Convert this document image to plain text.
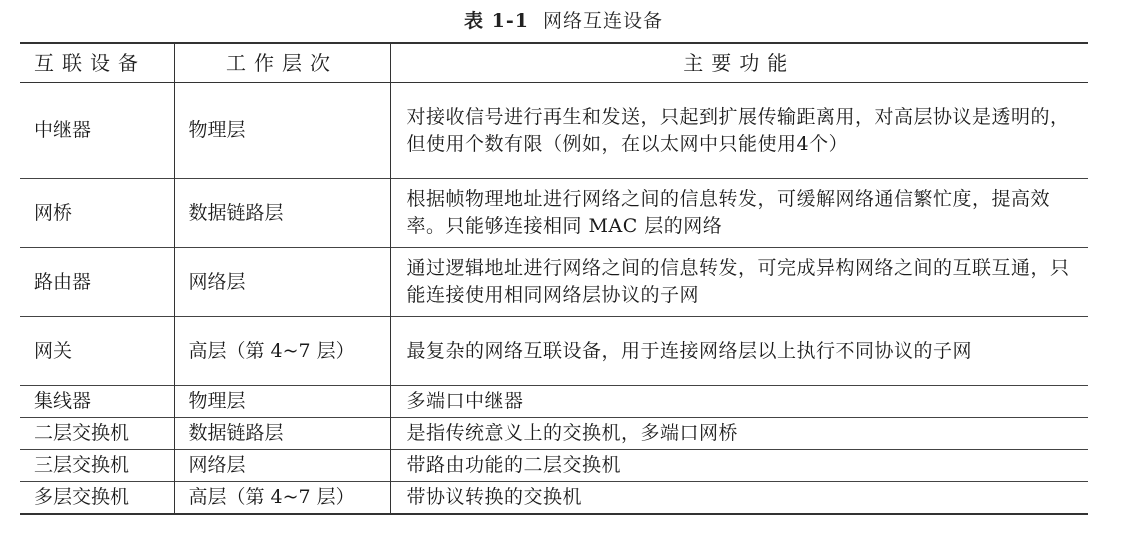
表 1-1 网络互连设备
互联设备	工作层次	主要功能
中继器	物理层	对接收信号进行再生和发送，只起到扩展传输距离用，对高层协议是透明的，但使用个数有限（例如，在以太网中只能使用4个）
网桥	数据链路层	根据帧物理地址进行网络之间的信息转发，可缓解网络通信繁忙度，提高效率。只能够连接相同 MAC 层的网络
路由器	网络层	通过逻辑地址进行网络之间的信息转发，可完成异构网络之间的互联互通，只能连接使用相同网络层协议的子网
网关	高层（第 4~7 层）	最复杂的网络互联设备，用于连接网络层以上执行不同协议的子网
集线器	物理层	多端口中继器
二层交换机	数据链路层	是指传统意义上的交换机，多端口网桥
三层交换机	网络层	带路由功能的二层交换机
多层交换机	高层（第 4~7 层）	带协议转换的交换机
